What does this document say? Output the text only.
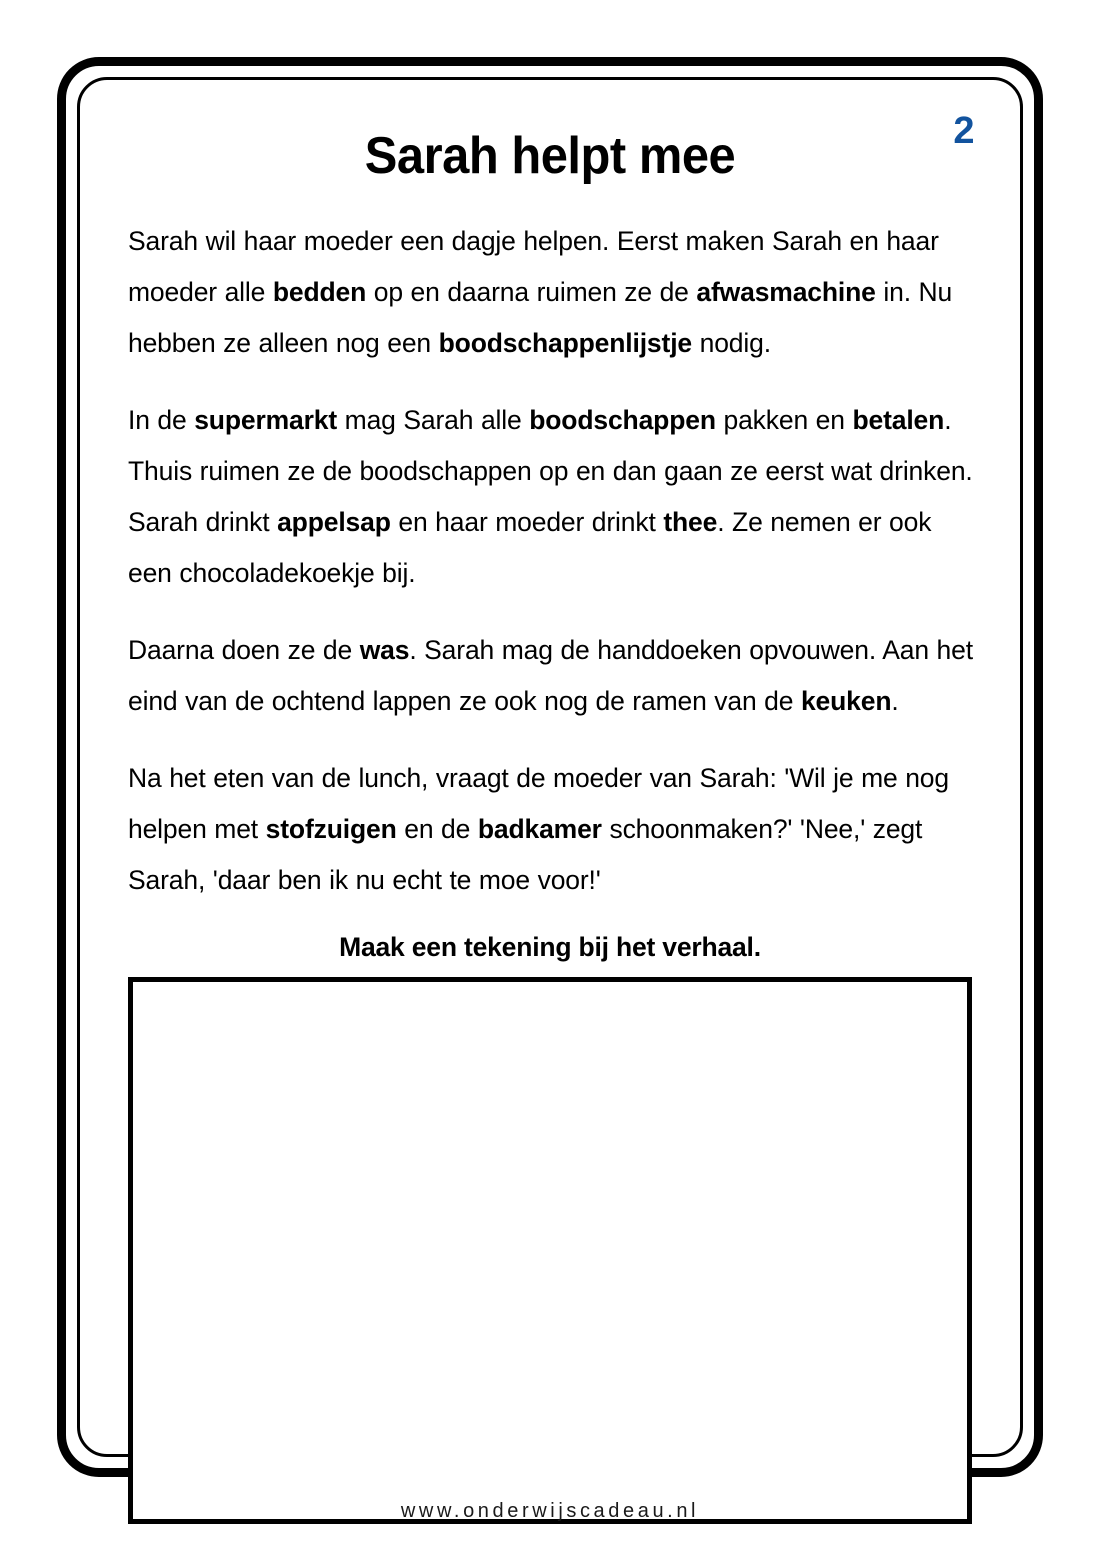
2
Sarah helpt mee

Sarah wil haar moeder een dagje helpen. Eerst maken Sarah en haar moeder alle bedden op en daarna ruimen ze de afwasmachine in. Nu hebben ze alleen nog een boodschappenlijstje nodig.

In de supermarkt mag Sarah alle boodschappen pakken en betalen. Thuis ruimen ze de boodschappen op en dan gaan ze eerst wat drinken. Sarah drinkt appelsap en haar moeder drinkt thee. Ze nemen er ook een chocoladekoekje bij.

Daarna doen ze de was. Sarah mag de handdoeken opvouwen. Aan het eind van de ochtend lappen ze ook nog de ramen van de keuken.

Na het eten van de lunch, vraagt de moeder van Sarah: 'Wil je me nog helpen met stofzuigen en de badkamer schoonmaken?' 'Nee,' zegt Sarah, 'daar ben ik nu echt te moe voor!'

Maak een tekening bij het verhaal.
www.onderwijscadeau.nl
